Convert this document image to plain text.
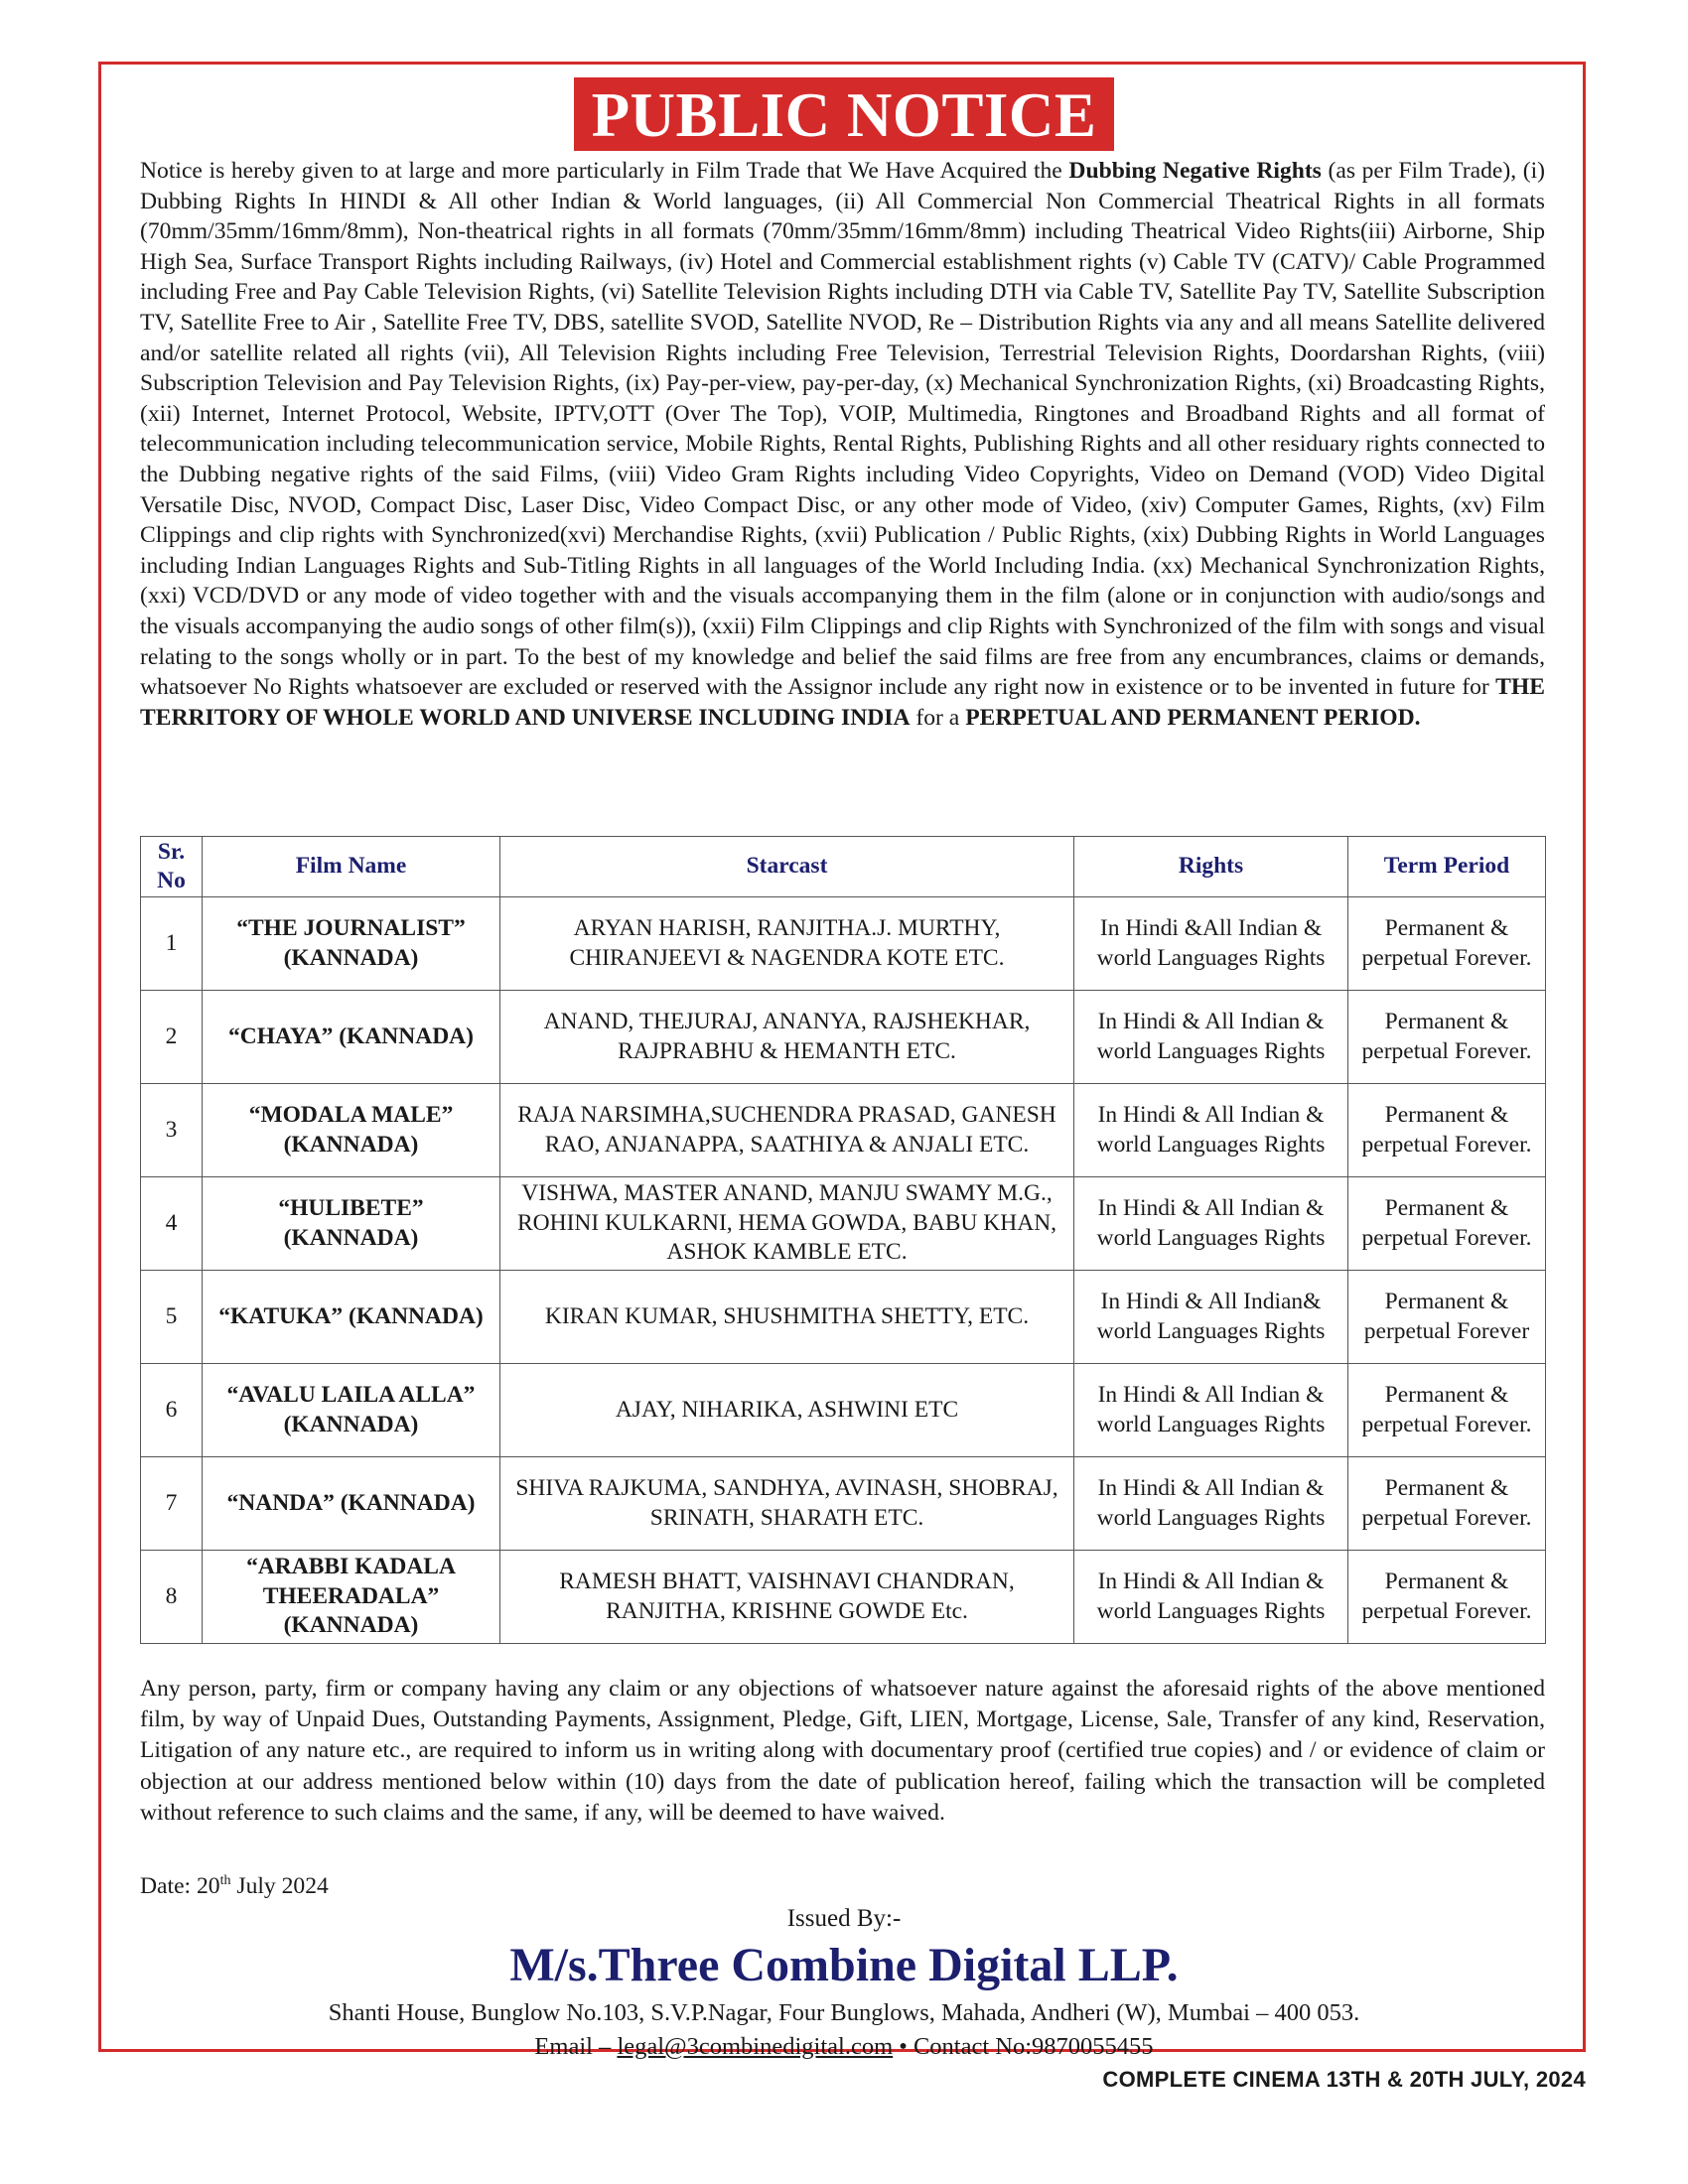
PUBLIC NOTICE

Notice is hereby given to at large and more particularly in Film Trade that We Have Acquired the Dubbing Negative Rights (as per Film Trade), (i) Dubbing Rights In HINDI & All other Indian & World languages, (ii) All Commercial Non Commercial Theatrical Rights in all formats (70mm/35mm/16mm/8mm), Non-theatrical rights in all formats (70mm/35mm/16mm/8mm) including Theatrical Video Rights(iii) Airborne, Ship High Sea, Surface Transport Rights including Railways, (iv) Hotel and Commercial establishment rights (v) Cable TV (CATV)/ Cable Programmed including Free and Pay Cable Television Rights, (vi) Satellite Television Rights including DTH via Cable TV, Satellite Pay TV, Satellite Subscription TV, Satellite Free to Air , Satellite Free TV, DBS, satellite SVOD, Satellite NVOD, Re – Distribution Rights via any and all means Satellite delivered and/or satellite related all rights (vii), All Television Rights including Free Television, Terrestrial Television Rights, Doordarshan Rights, (viii) Subscription Television and Pay Television Rights, (ix) Pay-per-view, pay-per-day, (x) Mechanical Synchronization Rights, (xi) Broadcasting Rights, (xii) Internet, Internet Protocol, Website, IPTV,OTT (Over The Top), VOIP, Multimedia, Ringtones and Broadband Rights and all format of telecommunication including telecommunication service, Mobile Rights, Rental Rights, Publishing Rights and all other residuary rights connected to the Dubbing negative rights of the said Films, (viii) Video Gram Rights including Video Copyrights, Video on Demand (VOD) Video Digital Versatile Disc, NVOD, Compact Disc, Laser Disc, Video Compact Disc, or any other mode of Video, (xiv) Computer Games, Rights, (xv) Film Clippings and clip rights with Synchronized(xvi) Merchandise Rights, (xvii) Publication / Public Rights, (xix) Dubbing Rights in World Languages including Indian Languages Rights and Sub-Titling Rights in all languages of the World Including India. (xx) Mechanical Synchronization Rights, (xxi) VCD/DVD or any mode of video together with and the visuals accompanying them in the film (alone or in conjunction with audio/songs and the visuals accompanying the audio songs of other film(s)), (xxii) Film Clippings and clip Rights with Synchronized of the film with songs and visual relating to the songs wholly or in part. To the best of my knowledge and belief the said films are free from any encumbrances, claims or demands, whatsoever No Rights whatsoever are excluded or reserved with the Assignor include any right now in existence or to be invented in future for THE TERRITORY OF WHOLE WORLD AND UNIVERSE INCLUDING INDIA for a PERPETUAL AND PERMANENT PERIOD.

Sr. No	Film Name	Starcast	Rights	Term Period
1	“THE JOURNALIST” (KANNADA)	ARYAN HARISH, RANJITHA.J. MURTHY, CHIRANJEEVI & NAGENDRA KOTE ETC.	In Hindi &All Indian & world Languages Rights	Permanent & perpetual Forever.
2	“CHAYA” (KANNADA)	ANAND, THEJURAJ, ANANYA, RAJSHEKHAR, RAJPRABHU & HEMANTH ETC.	In Hindi & All Indian & world Languages Rights	Permanent & perpetual Forever.
3	“MODALA MALE” (KANNADA)	RAJA NARSIMHA,SUCHENDRA PRASAD, GANESH RAO, ANJANAPPA, SAATHIYA & ANJALI ETC.	In Hindi & All Indian & world Languages Rights	Permanent & perpetual Forever.
4	“HULIBETE” (KANNADA)	VISHWA, MASTER ANAND, MANJU SWAMY M.G., ROHINI KULKARNI, HEMA GOWDA, BABU KHAN, ASHOK KAMBLE ETC.	In Hindi & All Indian & world Languages Rights	Permanent & perpetual Forever.
5	“KATUKA” (KANNADA)	KIRAN KUMAR, SHUSHMITHA SHETTY, ETC.	In Hindi & All Indian& world Languages Rights	Permanent & perpetual Forever
6	“AVALU LAILA ALLA” (KANNADA)	AJAY, NIHARIKA, ASHWINI ETC	In Hindi & All Indian & world Languages Rights	Permanent & perpetual Forever.
7	“NANDA” (KANNADA)	SHIVA RAJKUMA, SANDHYA, AVINASH, SHOBRAJ, SRINATH, SHARATH ETC.	In Hindi & All Indian & world Languages Rights	Permanent & perpetual Forever.
8	“ARABBI KADALA THEERADALA” (KANNADA)	RAMESH BHATT, VAISHNAVI CHANDRAN, RANJITHA, KRISHNE GOWDE Etc.	In Hindi & All Indian & world Languages Rights	Permanent & perpetual Forever.

Any person, party, firm or company having any claim or any objections of whatsoever nature against the aforesaid rights of the above mentioned film, by way of Unpaid Dues, Outstanding Payments, Assignment, Pledge, Gift, LIEN, Mortgage, License, Sale, Transfer of any kind, Reservation, Litigation of any nature etc., are required to inform us in writing along with documentary proof (certified true copies) and / or evidence of claim or objection at our address mentioned below within (10) days from the date of publication hereof, failing which the transaction will be completed without reference to such claims and the same, if any, will be deemed to have waived.

Date: 20th July 2024
Issued By:-
M/s.Three Combine Digital LLP.
Shanti House, Bunglow No.103, S.V.P.Nagar, Four Bunglows, Mahada, Andheri (W), Mumbai – 400 053.
Email – legal@3combinedigital.com • Contact No:9870055455
COMPLETE CINEMA 13TH & 20TH JULY, 2024
